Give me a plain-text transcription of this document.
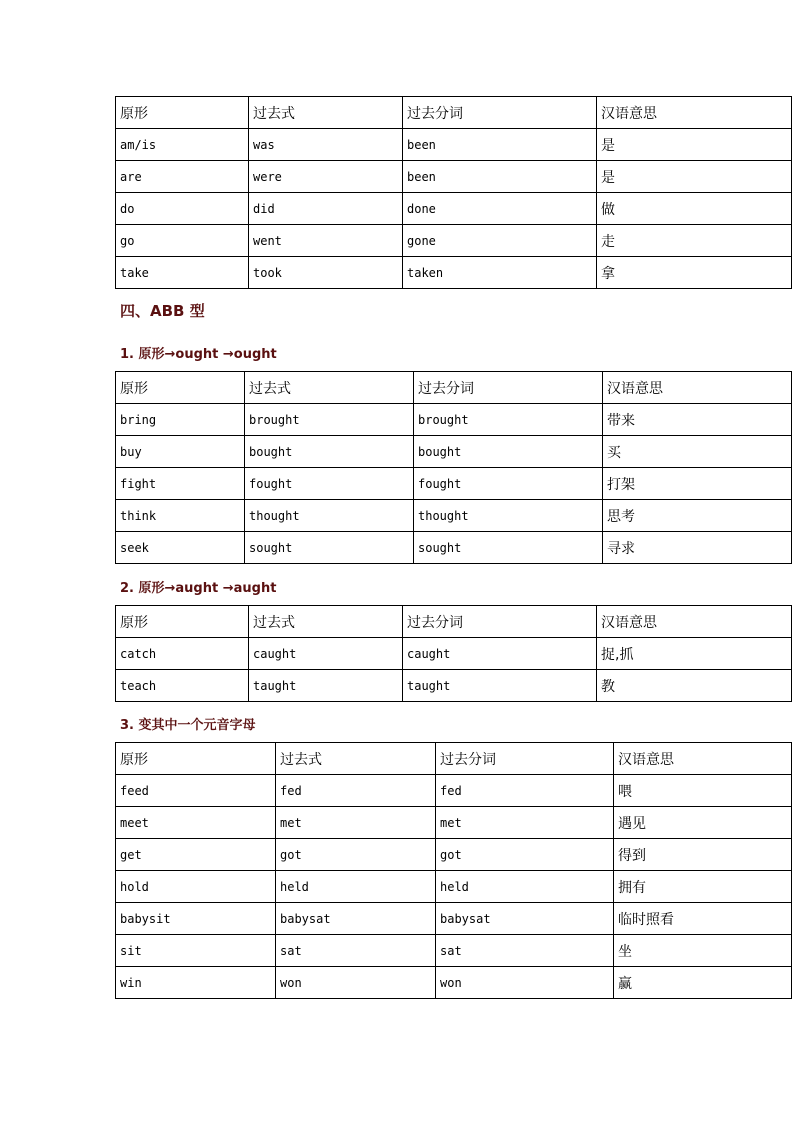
原形	过去式	过去分词	汉语意思
am/is	was	been	是
are	were	been	是
do	did	done	做
go	went	gone	走
take	took	taken	拿
四、ABB 型
1. 原形→ought →ought
原形	过去式	过去分词	汉语意思
bring	brought	brought	带来
buy	bought	bought	买
fight	fought	fought	打架
think	thought	thought	思考
seek	sought	sought	寻求
2. 原形→aught →aught
原形	过去式	过去分词	汉语意思
catch	caught	caught	捉,抓
teach	taught	taught	教
3. 变其中一个元音字母
原形	过去式	过去分词	汉语意思
feed	fed	fed	喂
meet	met	met	遇见
get	got	got	得到
hold	held	held	拥有
babysit	babysat	babysat	临时照看
sit	sat	sat	坐
win	won	won	赢
